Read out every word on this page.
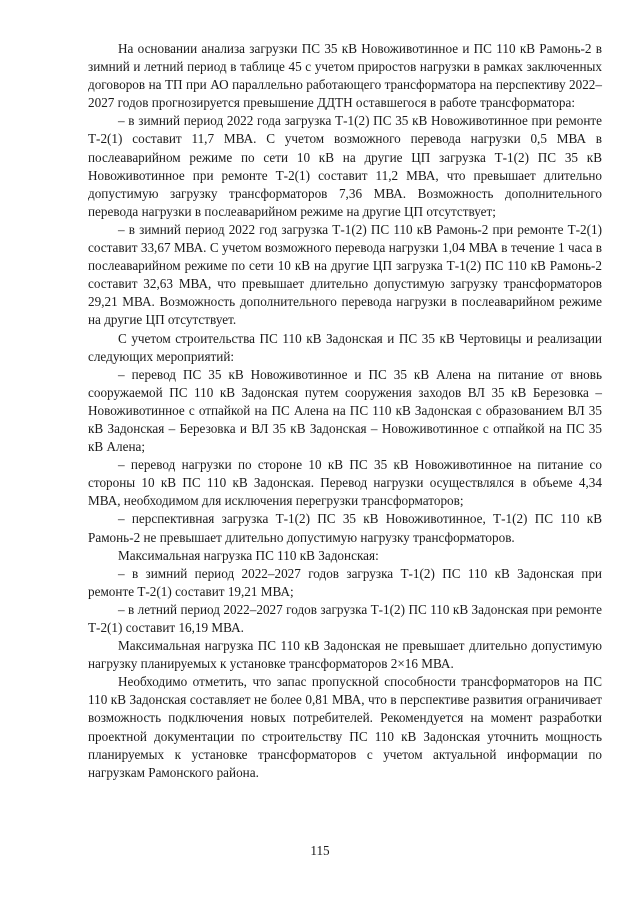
На основании анализа загрузки ПС 35 кВ Новоживотинное и ПС 110 кВ Рамонь-2 в зимний и летний период в таблице 45 с учетом приростов нагрузки в рамках заключенных договоров на ТП при АО параллельно работающего трансформатора на перспективу 2022–2027 годов прогнозируется превышение ДДТН оставшегося в работе трансформатора:

– в зимний период 2022 года загрузка Т-1(2) ПС 35 кВ Новоживотинное при ремонте Т-2(1) составит 11,7 МВА. С учетом возможного перевода нагрузки 0,5 МВА в послеаварийном режиме по сети 10 кВ на другие ЦП загрузка Т-1(2) ПС 35 кВ Новоживотинное при ремонте Т-2(1) составит 11,2 МВА, что превышает длительно допустимую загрузку трансформаторов 7,36 МВА. Возможность дополнительного перевода нагрузки в послеаварийном режиме на другие ЦП отсутствует;

– в зимний период 2022 год загрузка Т-1(2) ПС 110 кВ Рамонь-2 при ремонте Т-2(1) составит 33,67 МВА. С учетом возможного перевода нагрузки 1,04 МВА в течение 1 часа в послеаварийном режиме по сети 10 кВ на другие ЦП загрузка Т-1(2) ПС 110 кВ Рамонь-2 составит 32,63 МВА, что превышает длительно допустимую загрузку трансформаторов 29,21 МВА. Возможность дополнительного перевода нагрузки в послеаварийном режиме на другие ЦП отсутствует.

С учетом строительства ПС 110 кВ Задонская и ПС 35 кВ Чертовицы и реализации следующих мероприятий:

– перевод ПС 35 кВ Новоживотинное и ПС 35 кВ Алена на питание от вновь сооружаемой ПС 110 кВ Задонская путем сооружения заходов ВЛ 35 кВ Березовка – Новоживотинное с отпайкой на ПС Алена на ПС 110 кВ Задонская с образованием ВЛ 35 кВ Задонская – Березовка и ВЛ 35 кВ Задонская – Новоживотинное с отпайкой на ПС 35 кВ Алена;

– перевод нагрузки по стороне 10 кВ ПС 35 кВ Новоживотинное на питание со стороны 10 кВ ПС 110 кВ Задонская. Перевод нагрузки осуществлялся в объеме 4,34 МВА, необходимом для исключения перегрузки трансформаторов;

– перспективная загрузка Т-1(2) ПС 35 кВ Новоживотинное, Т-1(2) ПС 110 кВ Рамонь-2 не превышает длительно допустимую нагрузку трансформаторов.

Максимальная нагрузка ПС 110 кВ Задонская:

– в зимний период 2022–2027 годов загрузка Т-1(2) ПС 110 кВ Задонская при ремонте Т-2(1) составит 19,21 МВА;

– в летний период 2022–2027 годов загрузка Т-1(2) ПС 110 кВ Задонская при ремонте Т-2(1) составит 16,19 МВА.

Максимальная нагрузка ПС 110 кВ Задонская не превышает длительно допустимую нагрузку планируемых к установке трансформаторов 2×16 МВА.

Необходимо отметить, что запас пропускной способности трансформаторов на ПС 110 кВ Задонская составляет не более 0,81 МВА, что в перспективе развития ограничивает возможность подключения новых потребителей. Рекомендуется на момент разработки проектной документации по строительству ПС 110 кВ Задонская уточнить мощность планируемых к установке трансформаторов с учетом актуальной информации по нагрузкам Рамонского района.

115
